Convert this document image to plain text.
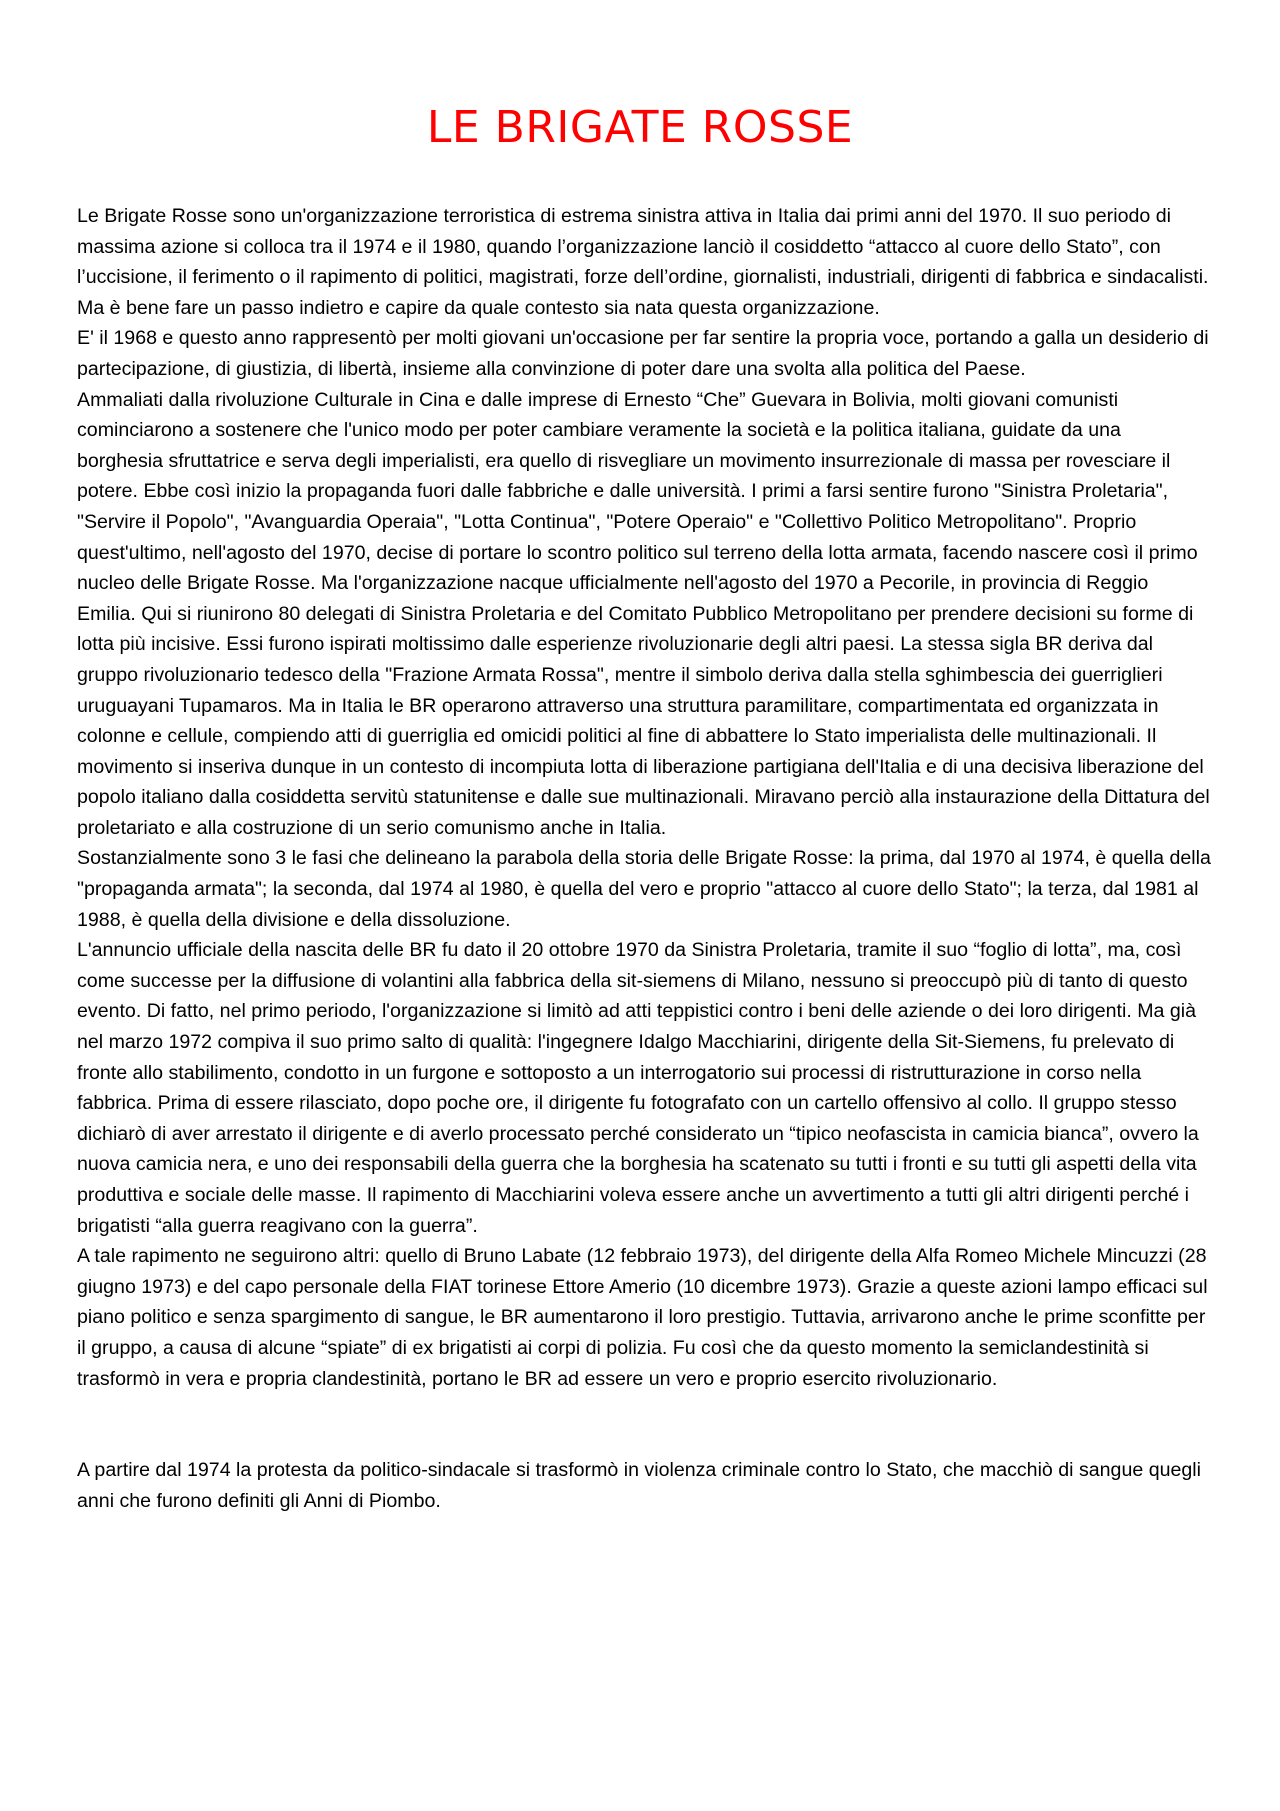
LE BRIGATE ROSSE

Le Brigate Rosse sono un'organizzazione terroristica di estrema sinistra attiva in Italia dai primi anni del 1970. Il suo periodo di massima azione si colloca tra il 1974 e il 1980, quando l’organizzazione lanciò il cosiddetto “attacco al cuore dello Stato”, con l’uccisione, il ferimento o il rapimento di politici, magistrati, forze dell’ordine, giornalisti, industriali, dirigenti di fabbrica e sindacalisti.

Ma è bene fare un passo indietro e capire da quale contesto sia nata questa organizzazione.

E' il 1968 e questo anno rappresentò per molti giovani un'occasione per far sentire la propria voce, portando a galla un desiderio di partecipazione, di giustizia, di libertà, insieme alla convinzione di poter dare una svolta alla politica del Paese.

Ammaliati dalla rivoluzione Culturale in Cina e dalle imprese di Ernesto “Che” Guevara in Bolivia, molti giovani comunisti cominciarono a sostenere che l'unico modo per poter cambiare veramente la società e la politica italiana, guidate da una borghesia sfruttatrice e serva degli imperialisti, era quello di risvegliare un movimento insurrezionale di massa per rovesciare il potere. Ebbe così inizio la propaganda fuori dalle fabbriche e dalle università. I primi a farsi sentire furono "Sinistra Proletaria", "Servire il Popolo", "Avanguardia Operaia", "Lotta Continua", "Potere Operaio" e "Collettivo Politico Metropolitano". Proprio quest'ultimo, nell'agosto del 1970, decise di portare lo scontro politico sul terreno della lotta armata, facendo nascere così il primo nucleo delle Brigate Rosse. Ma l'organizzazione nacque ufficialmente nell'agosto del 1970 a Pecorile, in provincia di Reggio Emilia. Qui si riunirono 80 delegati di Sinistra Proletaria e del Comitato Pubblico Metropolitano per prendere decisioni su forme di lotta più incisive. Essi furono ispirati moltissimo dalle esperienze rivoluzionarie degli altri paesi. La stessa sigla BR deriva dal gruppo rivoluzionario tedesco della "Frazione Armata Rossa", mentre il simbolo deriva dalla stella sghimbescia dei guerriglieri uruguayani Tupamaros. Ma in Italia le BR operarono attraverso una struttura paramilitare, compartimentata ed organizzata in colonne e cellule, compiendo atti di guerriglia ed omicidi politici al fine di abbattere lo Stato imperialista delle multinazionali. Il movimento si inseriva dunque in un contesto di incompiuta lotta di liberazione partigiana dell'Italia e di una decisiva liberazione del popolo italiano dalla cosiddetta servitù statunitense e dalle sue multinazionali. Miravano perciò alla instaurazione della Dittatura del proletariato e alla costruzione di un serio comunismo anche in Italia.

Sostanzialmente sono 3 le fasi che delineano la parabola della storia delle Brigate Rosse: la prima, dal 1970 al 1974, è quella della "propaganda armata"; la seconda, dal 1974 al 1980, è quella del vero e proprio "attacco al cuore dello Stato"; la terza, dal 1981 al 1988, è quella della divisione e della dissoluzione.

L'annuncio ufficiale della nascita delle BR fu dato il 20 ottobre 1970 da Sinistra Proletaria, tramite il suo “foglio di lotta”, ma, così come successe per la diffusione di volantini alla fabbrica della sit-siemens di Milano, nessuno si preoccupò più di tanto di questo evento. Di fatto, nel primo periodo, l'organizzazione si limitò ad atti teppistici contro i beni delle aziende o dei loro dirigenti. Ma già nel marzo 1972 compiva il suo primo salto di qualità: l'ingegnere Idalgo Macchiarini, dirigente della Sit-Siemens, fu prelevato di fronte allo stabilimento, condotto in un furgone e sottoposto a un interrogatorio sui processi di ristrutturazione in corso nella fabbrica. Prima di essere rilasciato, dopo poche ore, il dirigente fu fotografato con un cartello offensivo al collo. Il gruppo stesso dichiarò di aver arrestato il dirigente e di averlo processato perché considerato un “tipico neofascista in camicia bianca”, ovvero la nuova camicia nera, e uno dei responsabili della guerra che la borghesia ha scatenato su tutti i fronti e su tutti gli aspetti della vita produttiva e sociale delle masse. Il rapimento di Macchiarini voleva essere anche un avvertimento a tutti gli altri dirigenti perché i brigatisti “alla guerra reagivano con la guerra”.

A tale rapimento ne seguirono altri: quello di Bruno Labate (12 febbraio 1973), del dirigente della Alfa Romeo Michele Mincuzzi (28 giugno 1973) e del capo personale della FIAT torinese Ettore Amerio (10 dicembre 1973). Grazie a queste azioni lampo efficaci sul piano politico e senza spargimento di sangue, le BR aumentarono il loro prestigio. Tuttavia, arrivarono anche le prime sconfitte per il gruppo, a causa di alcune “spiate” di ex brigatisti ai corpi di polizia. Fu così che da questo momento la semiclandestinità si trasformò in vera e propria clandestinità, portano le BR ad essere un vero e proprio esercito rivoluzionario.

A partire dal 1974 la protesta da politico-sindacale si trasformò in violenza criminale contro lo Stato, che macchiò di sangue quegli anni che furono definiti gli Anni di Piombo.
